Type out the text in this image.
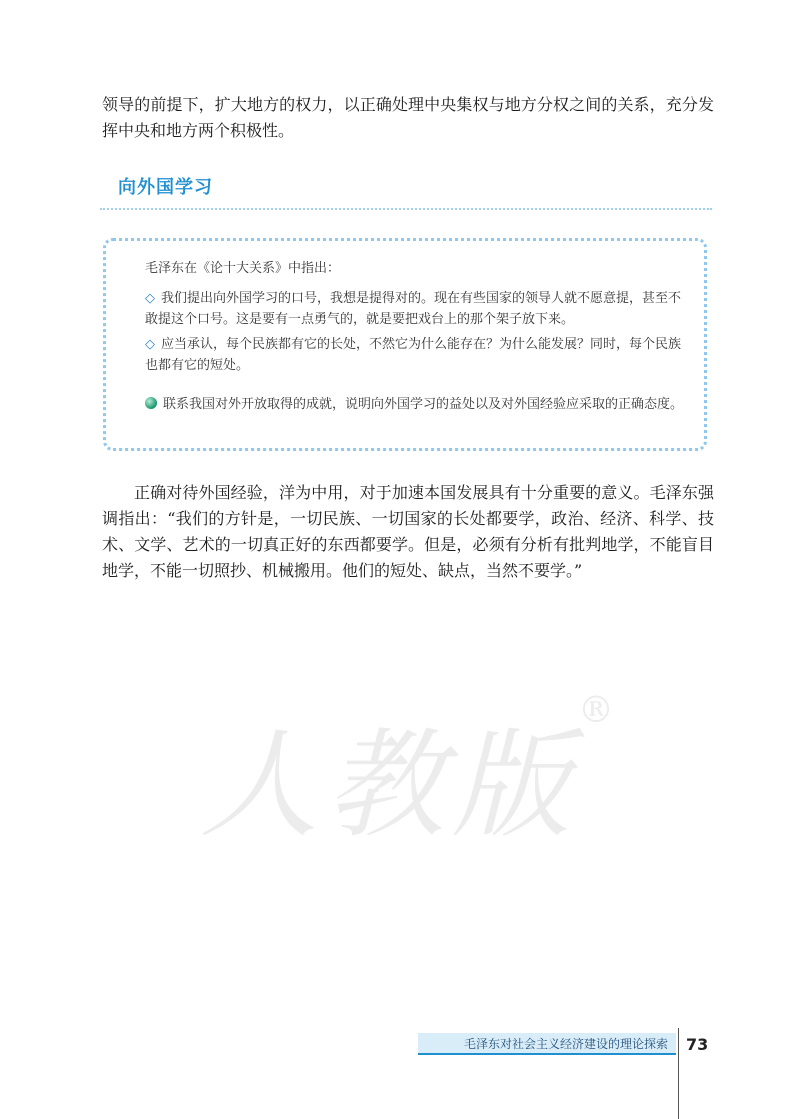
领导的前提下，扩大地方的权力，以正确处理中央集权与地方分权之间的关系，充分发挥中央和地方两个积极性。

向外国学习

毛泽东在《论十大关系》中指出：

◇ 我们提出向外国学习的口号，我想是提得对的。现在有些国家的领导人就不愿意提，甚至不敢提这个口号。这是要有一点勇气的，就是要把戏台上的那个架子放下来。

◇ 应当承认，每个民族都有它的长处，不然它为什么能存在？为什么能发展？同时，每个民族也都有它的短处。

联系我国对外开放取得的成就，说明向外国学习的益处以及对外国经验应采取的正确态度。

正确对待外国经验，洋为中用，对于加速本国发展具有十分重要的意义。毛泽东强调指出：“我们的方针是，一切民族、一切国家的长处都要学，政治、经济、科学、技术、文学、艺术的一切真正好的东西都要学。但是，必须有分析有批判地学，不能盲目地学，不能一切照抄、机械搬用。他们的短处、缺点，当然不要学。”

人教版®
毛泽东对社会主义经济建设的理论探索	73
